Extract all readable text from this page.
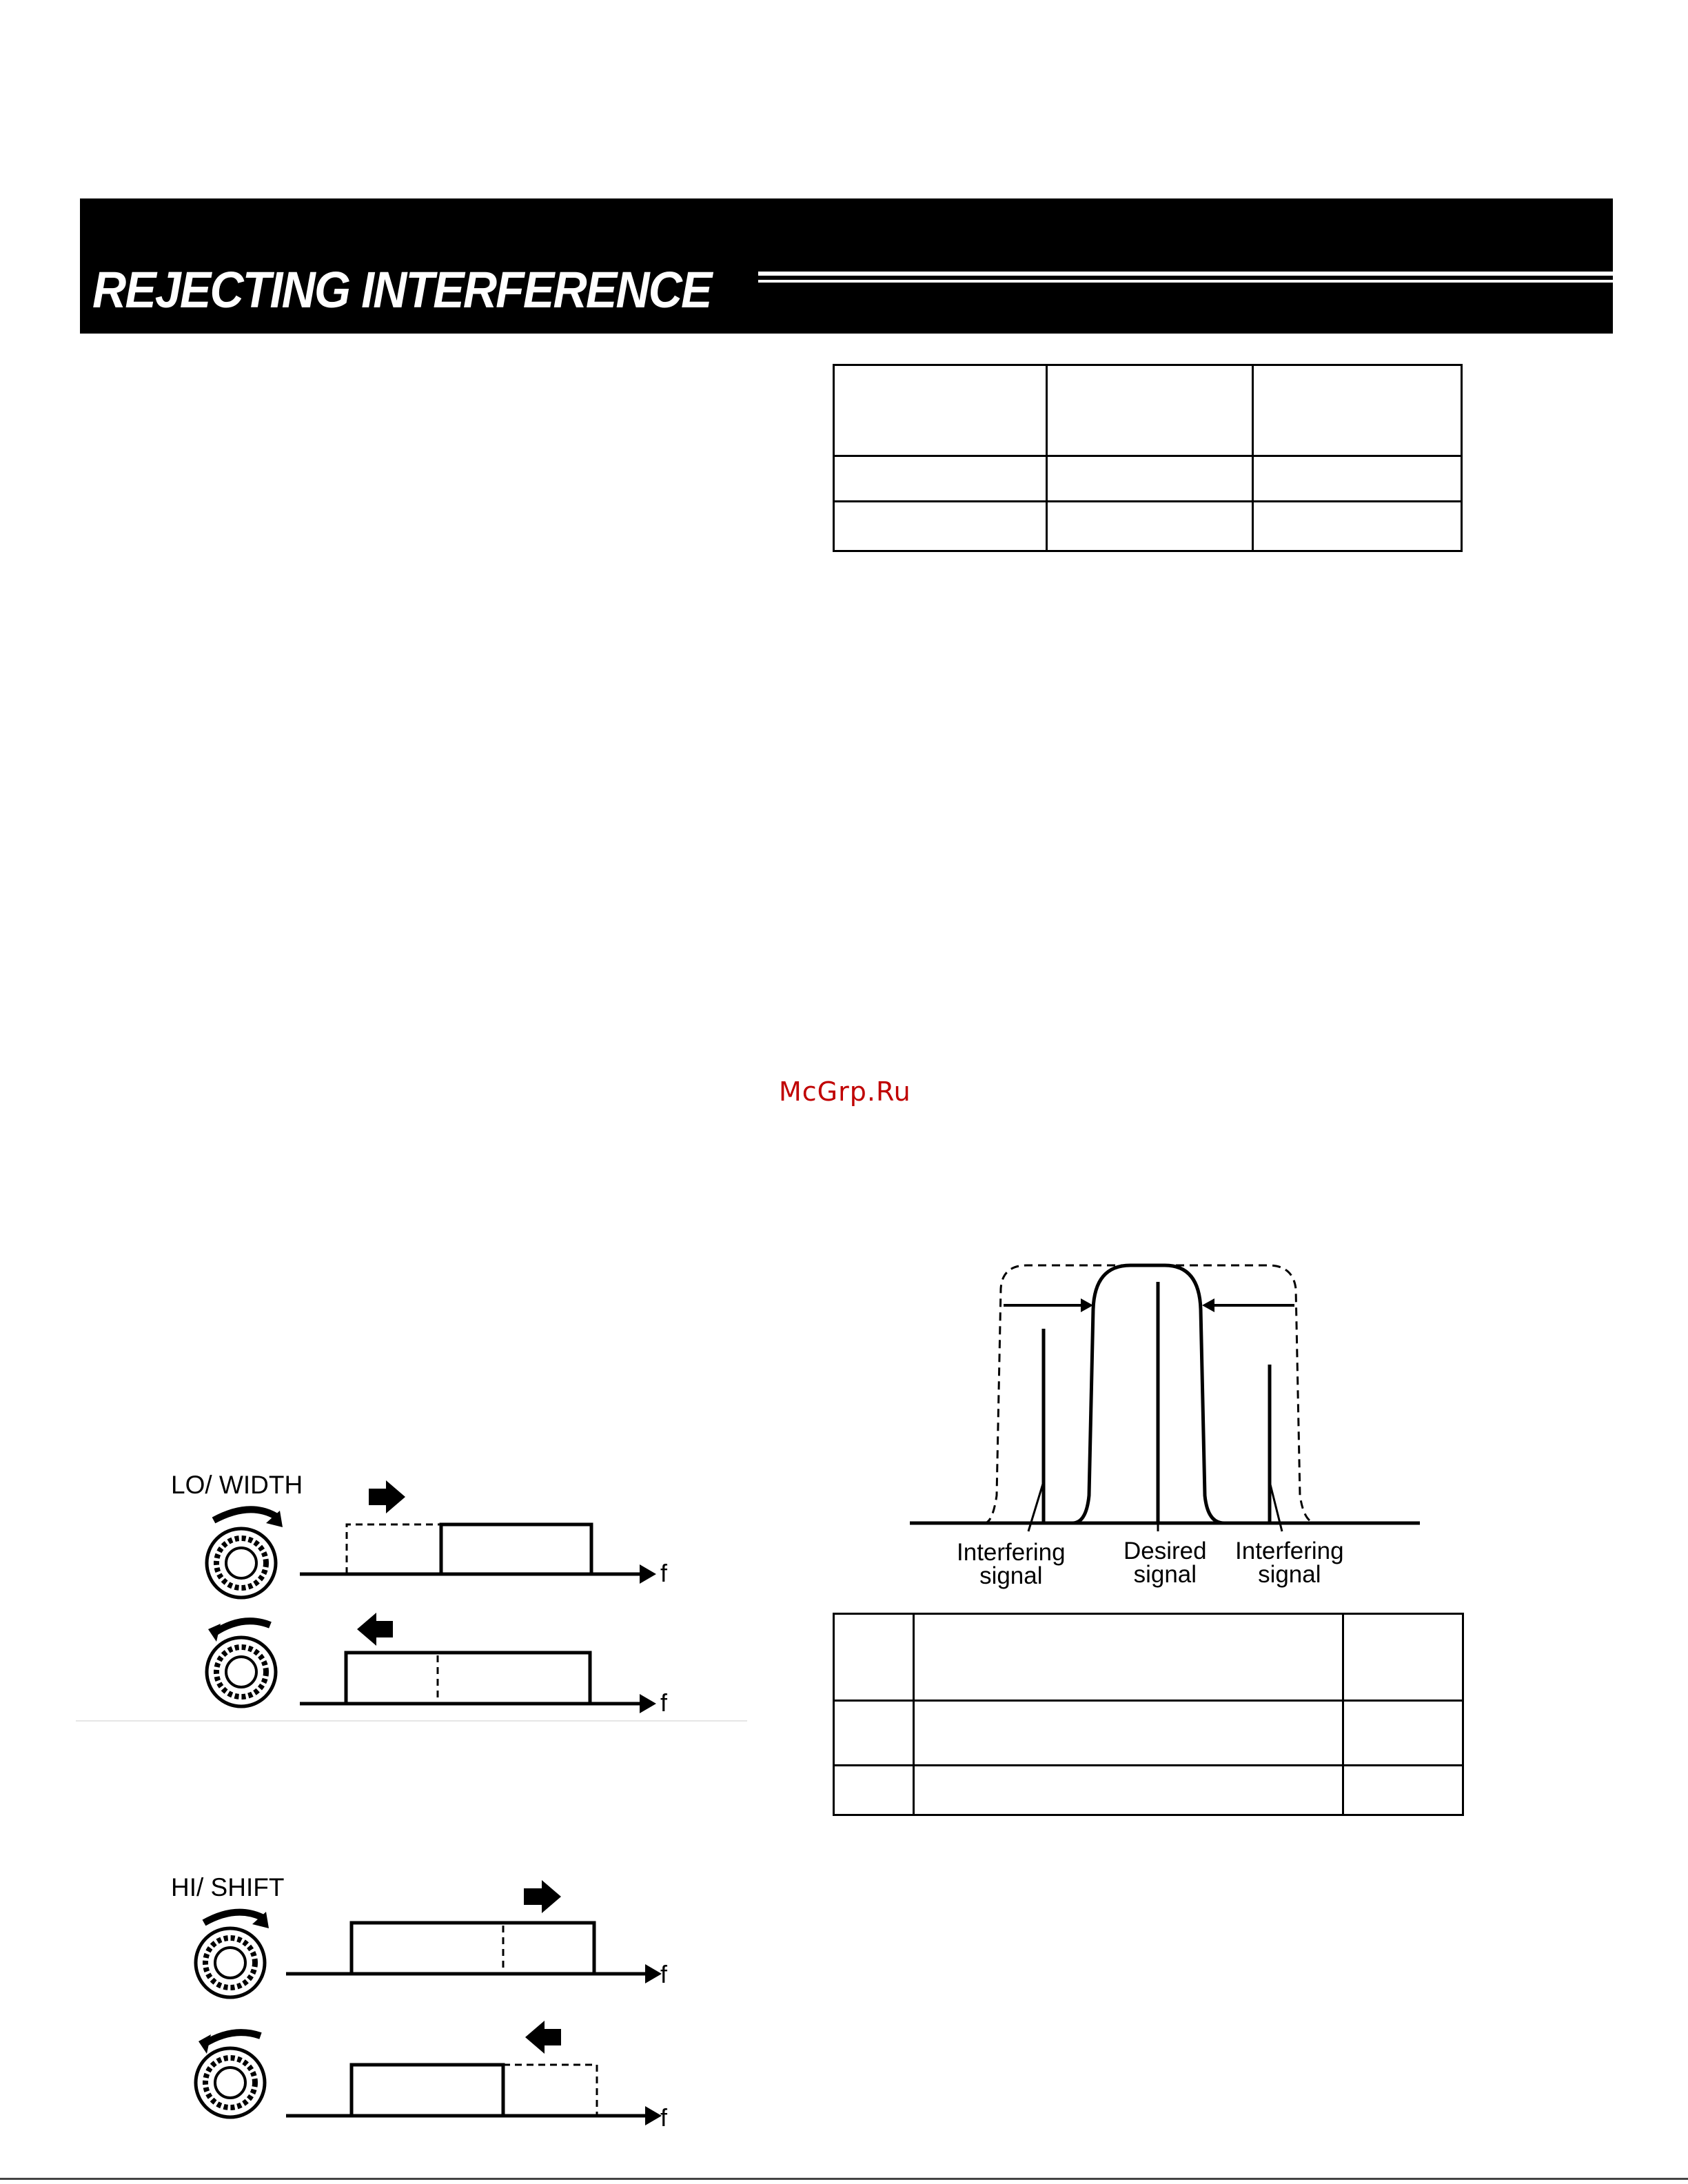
REJECTING INTERFERENCE

McGrp.Ru
LO/ WIDTH
f
f
HI/ SHIFT
f
f
Interfering
signal
Desired
signal
Interfering
signal
